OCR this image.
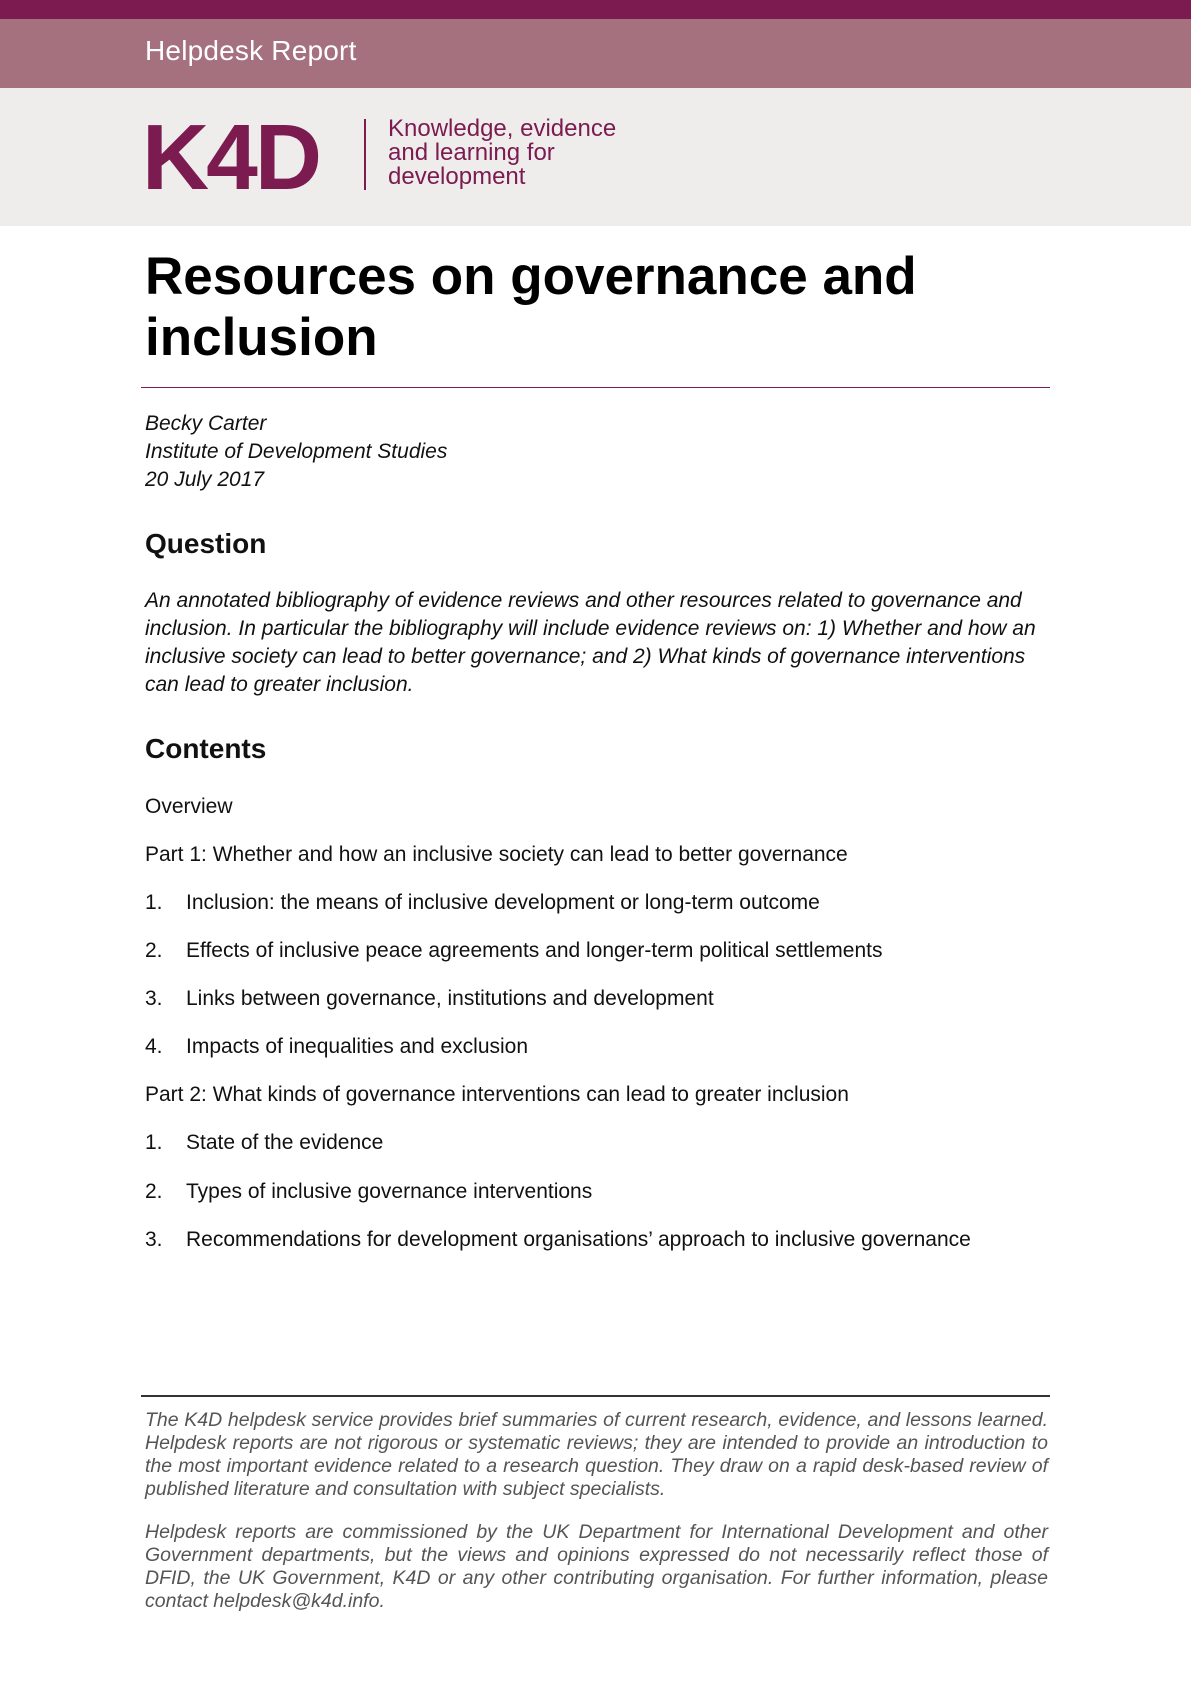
Helpdesk Report
K4D	Knowledge, evidence
and learning for
development
Resources on governance and inclusion
Becky Carter
Institute of Development Studies
20 July 2017
Question

An annotated bibliography of evidence reviews and other resources related to governance and inclusion. In particular the bibliography will include evidence reviews on: 1) Whether and how an inclusive society can lead to better governance; and 2) What kinds of governance interventions can lead to greater inclusion.

Contents
Overview
Part 1: Whether and how an inclusive society can lead to better governance
1. Inclusion: the means of inclusive development or long-term outcome
2. Effects of inclusive peace agreements and longer-term political settlements
3. Links between governance, institutions and development
4. Impacts of inequalities and exclusion
Part 2: What kinds of governance interventions can lead to greater inclusion
1. State of the evidence
2. Types of inclusive governance interventions
3. Recommendations for development organisations’ approach to inclusive governance

The K4D helpdesk service provides brief summaries of current research, evidence, and lessons learned. Helpdesk reports are not rigorous or systematic reviews; they are intended to provide an introduction to the most important evidence related to a research question. They draw on a rapid desk-based review of published literature and consultation with subject specialists.

Helpdesk reports are commissioned by the UK Department for International Development and other Government departments, but the views and opinions expressed do not necessarily reflect those of DFID, the UK Government, K4D or any other contributing organisation. For further information, please contact helpdesk@k4d.info.
